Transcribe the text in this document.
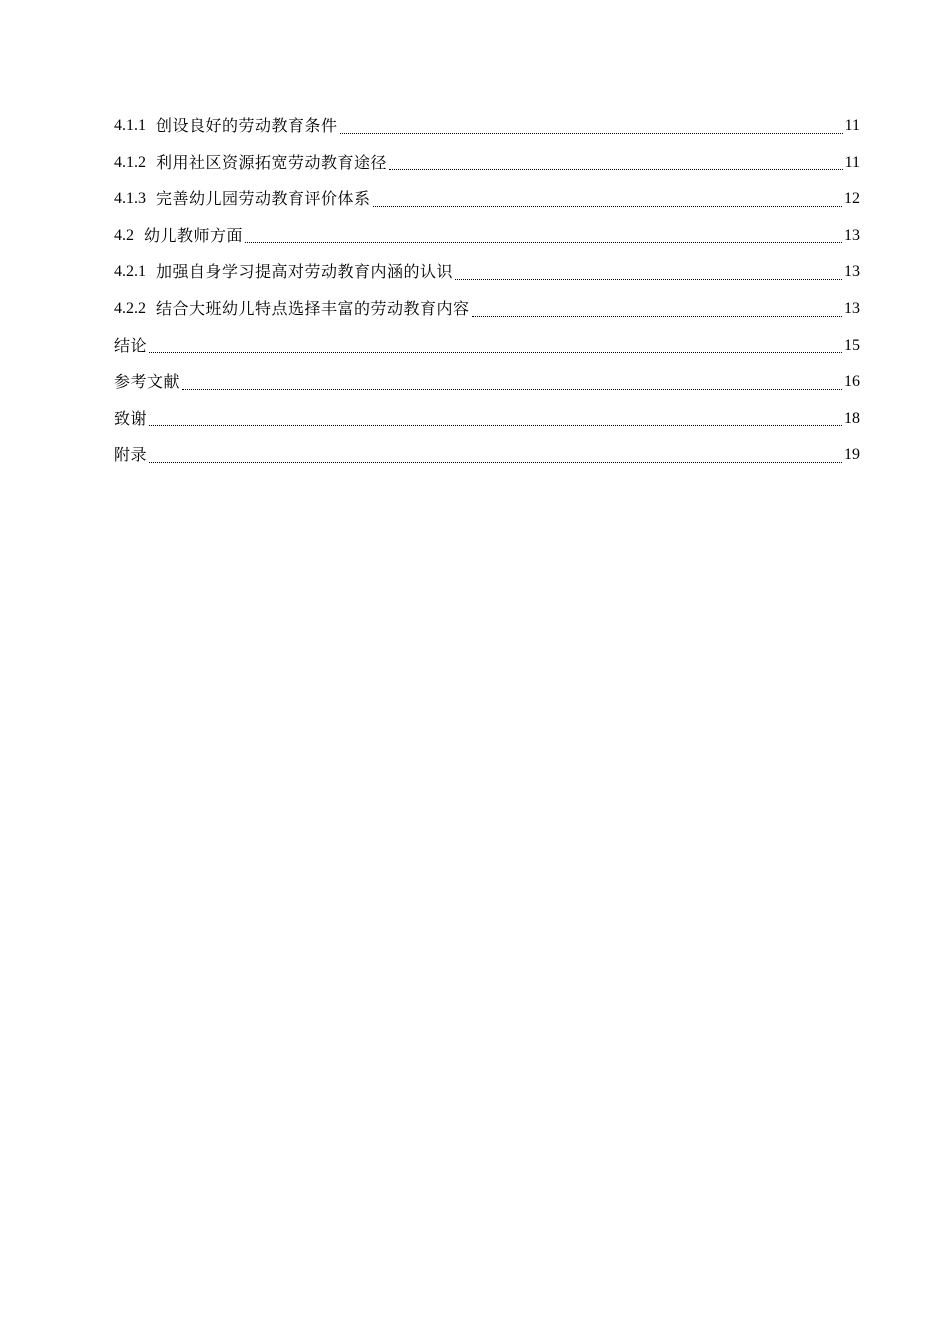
4.1.1 创设良好的劳动教育条件	11
4.1.2 利用社区资源拓宽劳动教育途径	11
4.1.3 完善幼儿园劳动教育评价体系	12
4.2 幼儿教师方面	13
4.2.1 加强自身学习提高对劳动教育内涵的认识	13
4.2.2 结合大班幼儿特点选择丰富的劳动教育内容	13
结论	15
参考文献	16
致谢	18
附录	19
